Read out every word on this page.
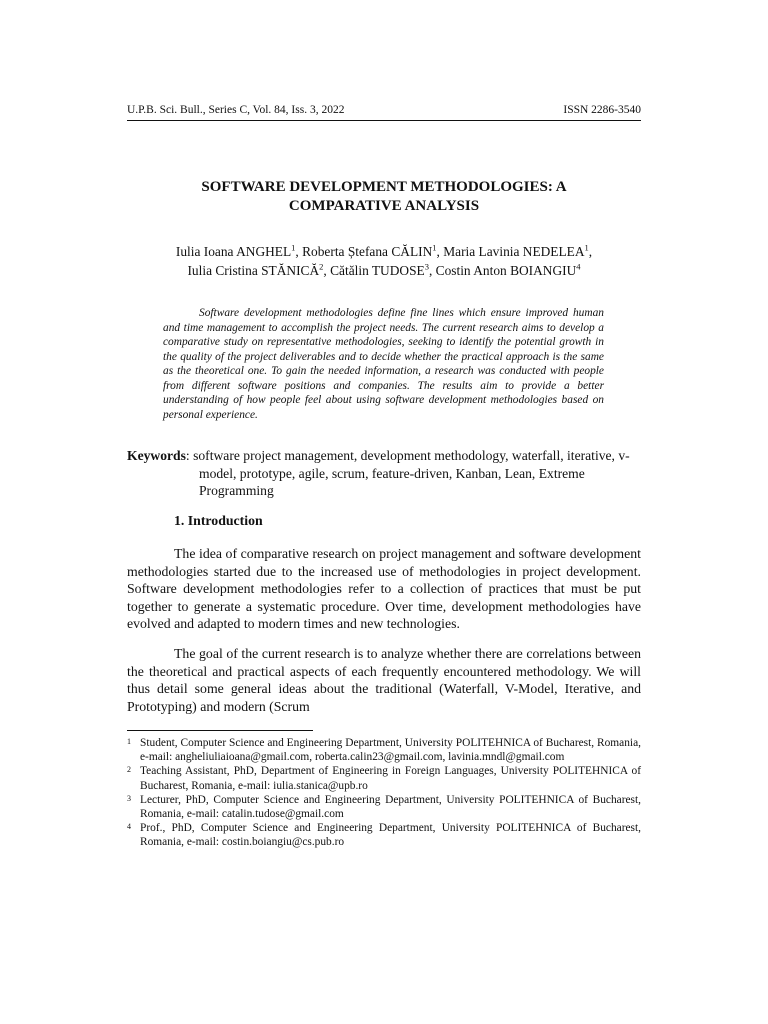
U.P.B. Sci. Bull., Series C, Vol. 84, Iss. 3, 2022	ISSN 2286-3540
SOFTWARE DEVELOPMENT METHODOLOGIES: A
COMPARATIVE ANALYSIS
Iulia Ioana ANGHEL$^1$, Roberta Ștefana CĂLIN$^1$, Maria Lavinia NEDELEA$^1$,
Iulia Cristina STĂNICĂ$^2$, Cătălin TUDOSE$^3$, Costin Anton BOIANGIU$^4$

Software development methodologies define fine lines which ensure improved human and time management to accomplish the project needs. The current research aims to develop a comparative study on representative methodologies, seeking to identify the potential growth in the quality of the project deliverables and to decide whether the practical approach is the same as the theoretical one. To gain the needed information, a research was conducted with people from different software positions and companies. The results aim to provide a better understanding of how people feel about using software development methodologies based on personal experience.

Keywords: software project management, development methodology, waterfall, iterative, v-model, prototype, agile, scrum, feature-driven, Kanban, Lean, Extreme Programming

1. Introduction

The idea of comparative research on project management and software development methodologies started due to the increased use of methodologies in project development. Software development methodologies refer to a collection of practices that must be put together to generate a systematic procedure. Over time, development methodologies have evolved and adapted to modern times and new technologies.

The goal of the current research is to analyze whether there are correlations between the theoretical and practical aspects of each frequently encountered methodology. We will thus detail some general ideas about the traditional (Waterfall, V-Model, Iterative, and Prototyping) and modern (Scrum

1 Student, Computer Science and Engineering Department, University POLITEHNICA of Bucharest, Romania, e-mail: angheliuliaioana@gmail.com, roberta.calin23@gmail.com, lavinia.mndl@gmail.com
2 Teaching Assistant, PhD, Department of Engineering in Foreign Languages, University POLITEHNICA of Bucharest, Romania, e-mail: iulia.stanica@upb.ro
3 Lecturer, PhD, Computer Science and Engineering Department, University POLITEHNICA of Bucharest, Romania, e-mail: catalin.tudose@gmail.com
4 Prof., PhD, Computer Science and Engineering Department, University POLITEHNICA of Bucharest, Romania, e-mail: costin.boiangiu@cs.pub.ro
